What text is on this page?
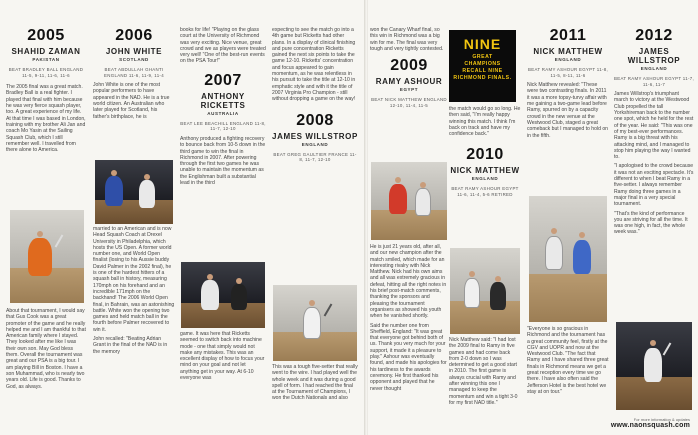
2005
SHAHID ZAMAN
PAKISTAN
BEAT BRADLEY BALL ENGLAND 11-5, 9-11, 11-6, 11-6

The 2005 final was a great match. Bradley Ball is a real fighter. I played that final with him because he was very fierce squash player, too. A great experience of my life. At that time I was based in London, training with my brother Ali Jan and coach Mo Yasin at the Sailing Squash Club, which I still remember well. I travelled from there alone to America.

About that tournament, I would say that Gus Cook was a great promoter of the game and he really helped me and I am thankful to that American family where I stayed. They looked after me like I was their own son. May God bless them. Overall the tournament was great and our PSA is a big tour. I am playing Bill in Boston. I have a son Muhammad, who is nearly two years old. Life is good. Thanks to God, as always.

2006
JOHN WHITE
SCOTLAND
BEAT ABDULLAH GHANTI ENGLAND 11-6, 11-9, 11-4

John White is one of the most popular performers to have appeared in the NAD. He is a true world citizen. An Australian who later played for Scotland, his father's birthplace, he is

married to an American and is now Head Squash Coach at Drexel University in Philadelphia, which hosts the US Open. A former world number one, and World Open finalist (losing to his Aussie buddy David Palmer in the 2002 final), he is one of the hardest hitters of a squash ball in history, measuring 170mph on his forehand and an incredible 171mph on the backhand! The 2006 World Open final, in Bahrain, was an astonishing battle. White won the opening two games and held match ball in the fourth before Palmer recovered to win it.

John recalled: "Beating Adrian Grant in the final of the NAD is in the memory

books for life! "Playing on the glass court at the University of Richmond was very exciting. Nice venue, great crowd and we as players were treated very well! "One of the best-run events on the PSA Tour!"

2007
ANTHONY RICKETTS
AUSTRALIA
BEAT LEE BEACHILL ENGLAND 11-8, 11-7, 12-10

Anthony produced a fighting recovery to bounce back from 10-5 down in the third game to win the final in Richmond in 2007. After powering through the first two games he was unable to maintain the momentum as the Englishman built a substantial lead in the third

game. It was here that Ricketts seemed to switch back into machine mode - one that simply would not make any mistakes. This was an excellent display of how to focus your mind on your goal and not let anything get in your way. At 6-10 everyone was

expecting to see the match go into a 4th game but Ricketts had other plans. In a display of clinical finishing and pure concentration Ricketts gained the next six points to take the game 12-10. Ricketts' concentration and focus appeared to gain momentum, as he was relentless in his pursuit to take the title at 12-10 in emphatic style and with it the title of 2007 Virginia Pro Champion - still without dropping a game on the way!

2008
JAMES WILLSTROP
ENGLAND
BEAT GREG GAULTIER FRANCE 11-8, 11-7, 12-10

This was a tough five-setter that really went to the wire. I had played well the whole week and it was during a good spell of form. I had reached the final at the Tournament of Champions, I won the Dutch Nationals and also

won the Canary Wharf final, so this win in Richmond was a big win for me. The final was very tough and very tightly contested.

2009
RAMY ASHOUR
EGYPT
BEAT NICK MATTHEW ENGLAND 12-10, 11-4, 11-5

He is just 21 years old, after all, and our new champion after the match smiled, which made for an interesting rivalry with Nick Matthew. Nick had his own aims and all was extremely gracious in defeat, hitting all the right notes in his brief post-match comments, thanking the sponsors and pleasing the tournament organisers as showed his youth when he vanished shortly.

Said the number one from Sheffield, England: "It was great that everyone got behind both of us. Thank you very much for your support, it made it a pleasure to play." Ashour was eventually found, and made his apologies for his tardiness to the awards ceremony. He first thanked his opponent and played that he never thought

NINE
GREAT
CHAMPIONS
RECALL NINE
RICHMOND FINALS.

the match would go so long. He then said, "I'm really happy winning this match. I think I'm back on track and have my confidence back."

2010
NICK MATTHEW
ENGLAND
BEAT RAMY ASHOUR EGYPT 11-6, 11-4, 5-6 RETIRED

Nick Matthew said: "I had lost the 2009 final to Ramy in five games and had come back from 2-0 down so I was determined to get a good start in 2010. The first game is always crucial with Ramy and after winning this one I managed to keep the momentum and win a tight 3-0 for my first NAD title."

2011
NICK MATTHEW
ENGLAND
BEAT RAMY ASHOUR EGYPT 11-8, 11-5, 8-11, 11-6

Nick Matthew revealed: "These were two contrasting finals. In 2011 it was a more topsy-turvy affair with me gaining a two-game lead before Ramy, spurred on by a capacity crowd in the new venue at the Westwood Club, staged a great comeback but I managed to hold on in the fifth.

"Everyone is so gracious in Richmond and the tournament has a great community feel, firstly at the CGV and UOPR and now at the Westwood Club. "The fact that Ramy and I have shared three great finals in Richmond means we get a great reception every time we go there. I have also often said the Jefferson Hotel is the best hotel we stay at on tour."

2012
JAMES WILLSTROP
ENGLAND
BEAT RAMY ASHOUR EGYPT 11-7, 11-6, 11-7

James Willstrop's triumphant march to victory at the Westwood Club propelled the tall Yorkshireman back to the number one spot, which he held for the rest of the year. He said: "This was one of my best-ever performances. Ramy is a big threat with his attacking mind, and I managed to stop him playing the way I wanted to.

"I apologised to the crowd because it was not an exciting spectacle. It's different to when I beat Ramy in a five-setter. I always remember Ramy doing three games in a major final in a very special tournament.

"That's the kind of performance you are striving for all the time. It was one high, in fact, the whole week was."

For more information & updates
www.naonsquash.com
